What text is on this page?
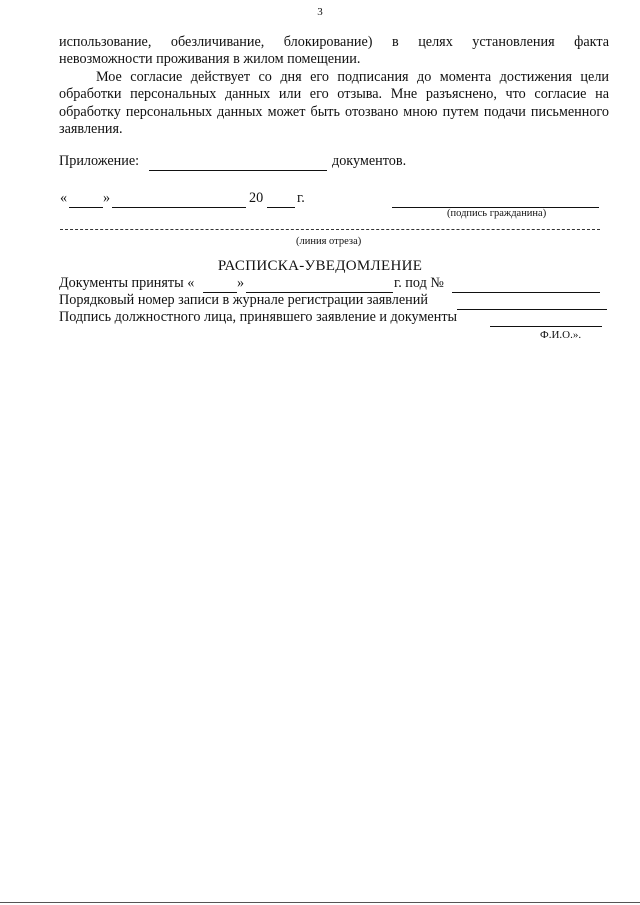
3
использование, обезличивание, блокирование) в целях установления факта невозможности проживания в жилом помещении.
Мое согласие действует со дня его подписания до момента достижения цели обработки персональных данных или его отзыва. Мне разъяснено, что согласие на обработку персональных данных может быть отозвано мною путем подачи письменного заявления.
Приложение:	документов.
«	»	20 г.
(подпись гражданина)
(линия отреза)
РАСПИСКА-УВЕДОМЛЕНИЕ
Документы приняты «	»	г. под №
Порядковый номер записи в журнале регистрации заявлений
Подпись должностного лица, принявшего заявление и документы
Ф.И.О.».
